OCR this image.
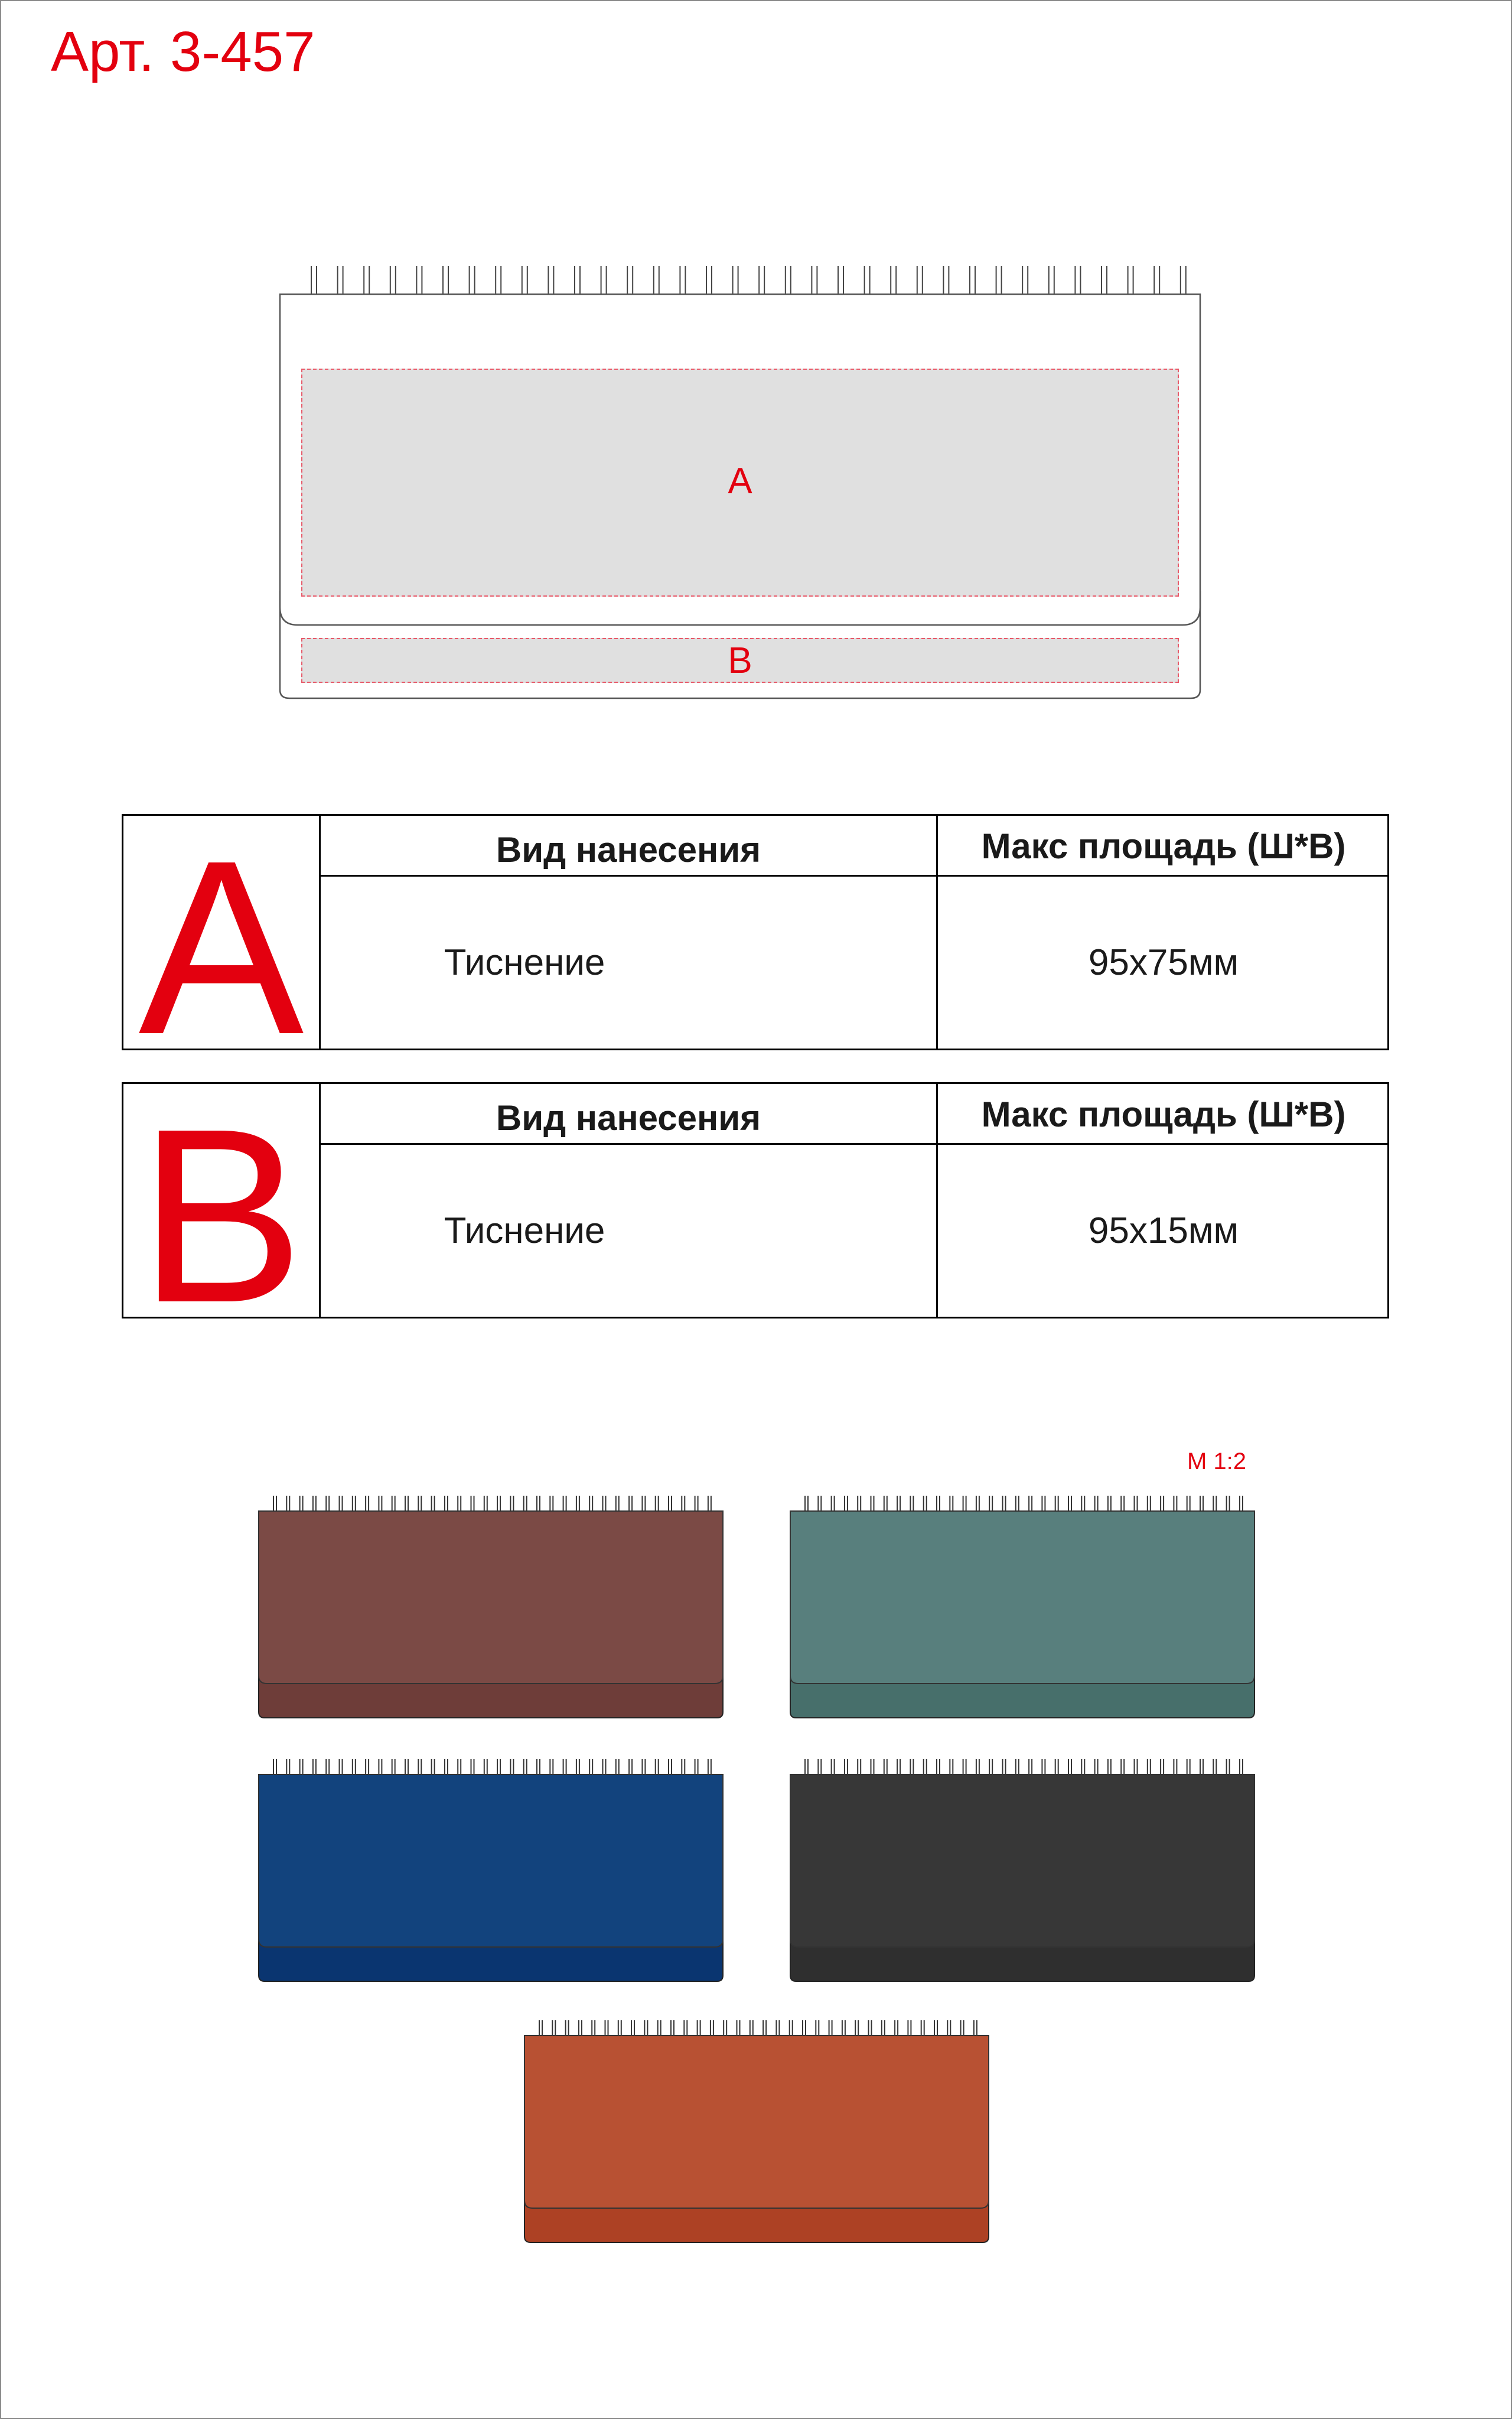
Арт. 3-457
A
B
A	Вид нанесения	Макс площадь (Ш*В)
Тиснение	95х75мм
B	Вид нанесения	Макс площадь (Ш*В)
Тиснение	95х15мм
М 1:2
